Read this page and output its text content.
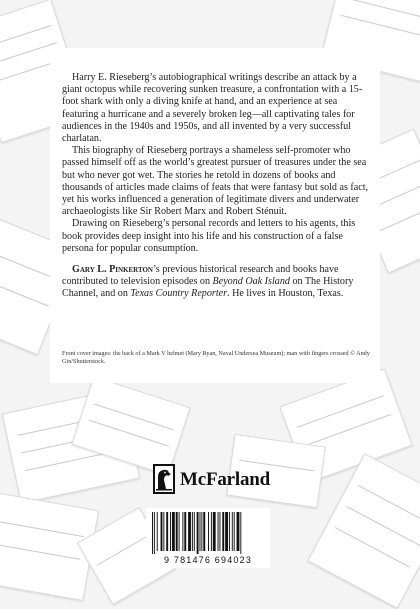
Harry E. Rieseberg’s autobiographical writings describe an attack by a giant octopus while recovering sunken treasure, a confrontation with a 15-foot shark with only a diving knife at hand, and an experience at sea featuring a hurricane and a severely broken leg—all captivating tales for audiences in the 1940s and 1950s, and all invented by a very successful charlatan.

This biography of Rieseberg portrays a shameless self-promoter who passed himself off as the world’s greatest pursuer of treasures under the sea but who never got wet. The stories he retold in dozens of books and thousands of articles made claims of feats that were fantasy but sold as fact, yet his works influenced a generation of legitimate divers and underwater archaeologists like Sir Robert Marx and Robert Sténuit.

Drawing on Rieseberg’s personal records and letters to his agents, this book provides deep insight into his life and his construction of a false persona for popular consumption.

Gary L. Pinkerton’s previous historical research and books have contributed to television episodes on Beyond Oak Island on The History Channel, and on Texas Country Reporter. He lives in Houston, Texas.

Front cover images: the back of a Mark V helmet (Mary Ryan, Naval Undersea Museum); man with fingers crossed © Andy Gin/Shutterstock.
McFarland
9 781476 694023
